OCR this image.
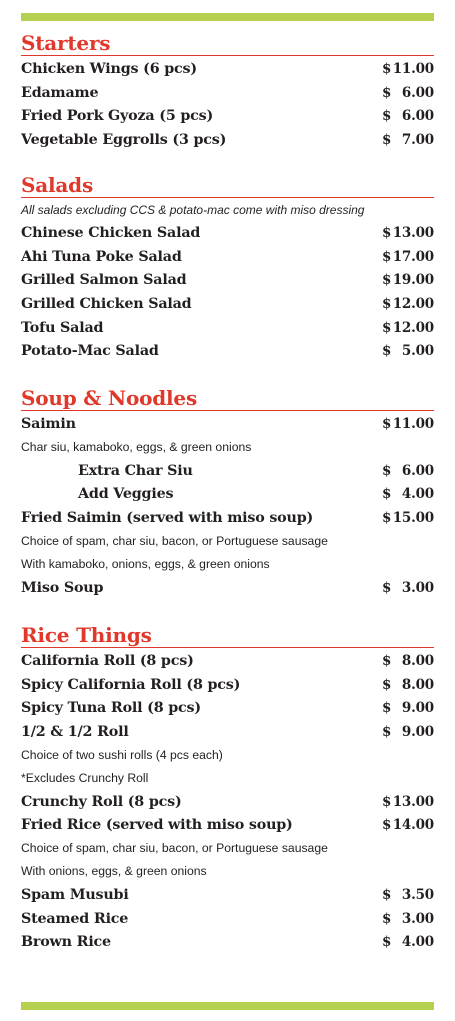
Starters
Chicken Wings (6 pcs)	$ 11.00
Edamame	$ 6.00
Fried Pork Gyoza (5 pcs)	$ 6.00
Vegetable Eggrolls (3 pcs)	$ 7.00
Salads
All salads excluding CCS & potato-mac come with miso dressing
Chinese Chicken Salad	$ 13.00
Ahi Tuna Poke Salad	$ 17.00
Grilled Salmon Salad	$ 19.00
Grilled Chicken Salad	$ 12.00
Tofu Salad	$ 12.00
Potato-Mac Salad	$ 5.00
Soup & Noodles
Saimin	$ 11.00
Char siu, kamaboko, eggs, & green onions
Extra Char Siu	$ 6.00
Add Veggies	$ 4.00
Fried Saimin (served with miso soup)	$ 15.00
Choice of spam, char siu, bacon, or Portuguese sausage
With kamaboko, onions, eggs, & green onions
Miso Soup	$ 3.00
Rice Things
California Roll (8 pcs)	$ 8.00
Spicy California Roll (8 pcs)	$ 8.00
Spicy Tuna Roll (8 pcs)	$ 9.00
1/2 & 1/2 Roll	$ 9.00
Choice of two sushi rolls (4 pcs each)
*Excludes Crunchy Roll
Crunchy Roll (8 pcs)	$ 13.00
Fried Rice (served with miso soup)	$ 14.00
Choice of spam, char siu, bacon, or Portuguese sausage
With onions, eggs, & green onions
Spam Musubi	$ 3.50
Steamed Rice	$ 3.00
Brown Rice	$ 4.00
